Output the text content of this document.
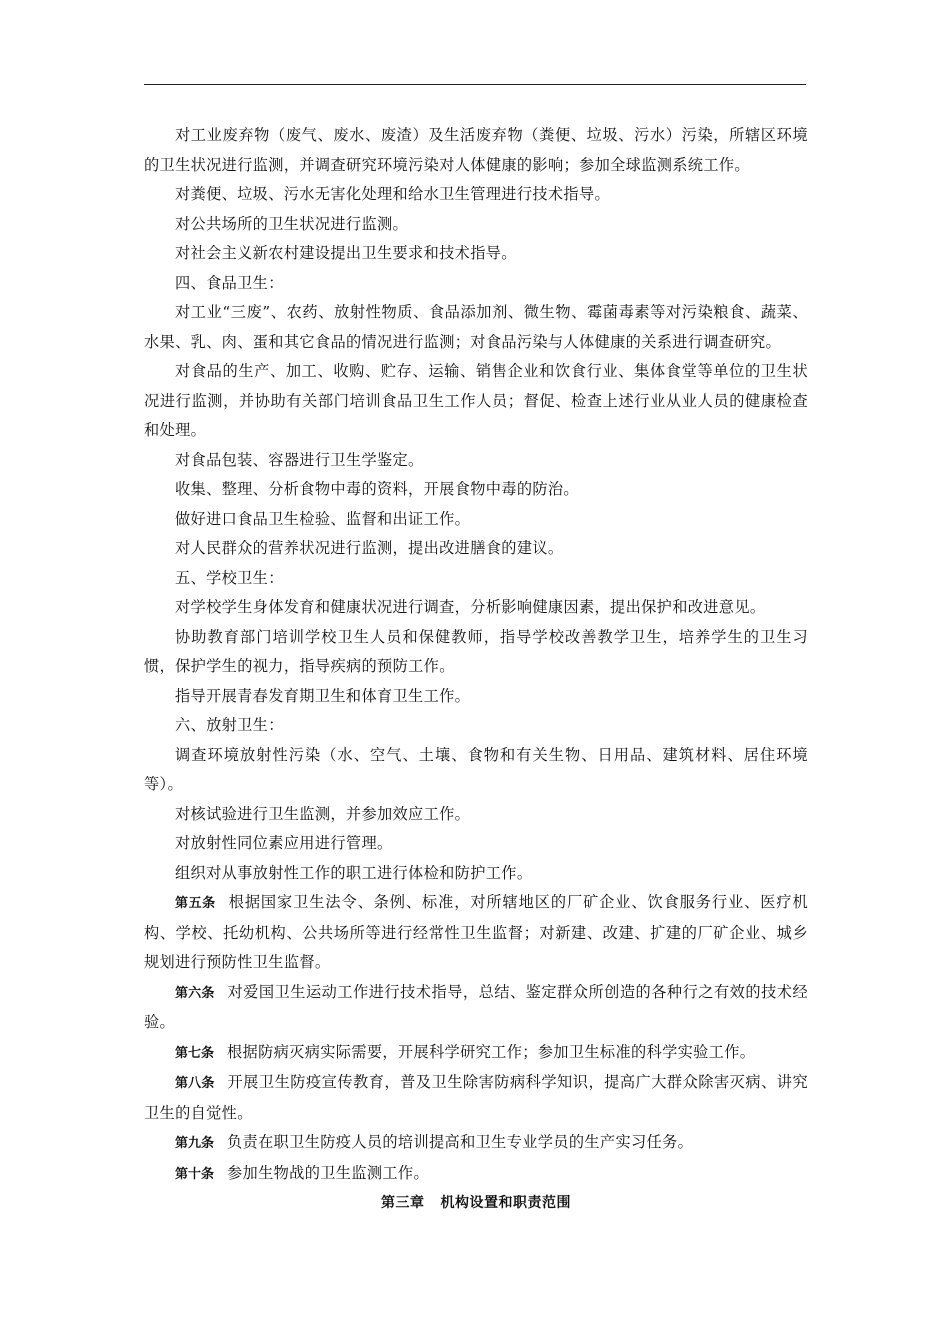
对工业废弃物（废气、废水、废渣）及生活废弃物（粪便、垃圾、污水）污染，所辖区环境的卫生状况进行监测，并调查研究环境污染对人体健康的影响；参加全球监测系统工作。

对粪便、垃圾、污水无害化处理和给水卫生管理进行技术指导。

对公共场所的卫生状况进行监测。

对社会主义新农村建设提出卫生要求和技术指导。

四、食品卫生：

对工业“三废”、农药、放射性物质、食品添加剂、微生物、霉菌毒素等对污染粮食、蔬菜、水果、乳、肉、蛋和其它食品的情况进行监测；对食品污染与人体健康的关系进行调查研究。

对食品的生产、加工、收购、贮存、运输、销售企业和饮食行业、集体食堂等单位的卫生状况进行监测，并协助有关部门培训食品卫生工作人员；督促、检查上述行业从业人员的健康检查和处理。

对食品包装、容器进行卫生学鉴定。

收集、整理、分析食物中毒的资料，开展食物中毒的防治。

做好进口食品卫生检验、监督和出证工作。

对人民群众的营养状况进行监测，提出改进膳食的建议。

五、学校卫生：

对学校学生身体发育和健康状况进行调查，分析影响健康因素，提出保护和改进意见。

协助教育部门培训学校卫生人员和保健教师，指导学校改善教学卫生，培养学生的卫生习惯，保护学生的视力，指导疾病的预防工作。

指导开展青春发育期卫生和体育卫生工作。

六、放射卫生：

调查环境放射性污染（水、空气、土壤、食物和有关生物、日用品、建筑材料、居住环境等）。

对核试验进行卫生监测，并参加效应工作。

对放射性同位素应用进行管理。

组织对从事放射性工作的职工进行体检和防护工作。

第五条 根据国家卫生法令、条例、标准，对所辖地区的厂矿企业、饮食服务行业、医疗机构、学校、托幼机构、公共场所等进行经常性卫生监督；对新建、改建、扩建的厂矿企业、城乡规划进行预防性卫生监督。

第六条 对爱国卫生运动工作进行技术指导，总结、鉴定群众所创造的各种行之有效的技术经验。

第七条 根据防病灭病实际需要，开展科学研究工作；参加卫生标准的科学实验工作。

第八条 开展卫生防疫宣传教育，普及卫生除害防病科学知识，提高广大群众除害灭病、讲究卫生的自觉性。

第九条 负责在职卫生防疫人员的培训提高和卫生专业学员的生产实习任务。

第十条 参加生物战的卫生监测工作。

第三章 机构设置和职责范围
